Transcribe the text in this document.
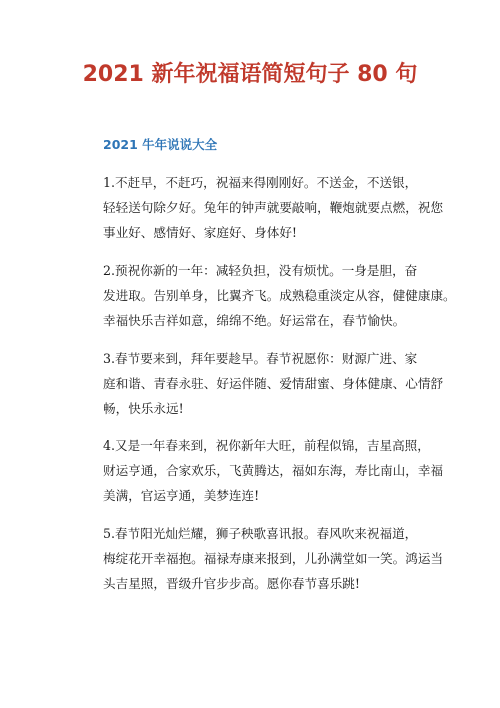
2021 新年祝福语简短句子 80 句
2021 牛年说说大全

1.不赶早，不赶巧，祝福来得刚刚好。不送金，不送银，
轻轻送句除夕好。兔年的钟声就要敲响，鞭炮就要点燃，祝您
事业好、感情好、家庭好、身体好!

2.预祝你新的一年：减轻负担，没有烦忧。一身是胆，奋
发进取。告别单身，比翼齐飞。成熟稳重淡定从容，健健康康。
幸福快乐吉祥如意，绵绵不绝。好运常在，春节愉快。

3.春节要来到，拜年要趁早。春节祝愿你：财源广进、家
庭和谐、青春永驻、好运伴随、爱情甜蜜、身体健康、心情舒
畅，快乐永远!

4.又是一年春来到，祝你新年大旺，前程似锦，吉星高照，
财运亨通，合家欢乐，飞黄腾达，福如东海，寿比南山，幸福
美满，官运亨通，美梦连连!

5.春节阳光灿烂耀，狮子秧歌喜讯报。春风吹来祝福道，
梅绽花开幸福抱。福禄寿康来报到，儿孙满堂如一笑。鸿运当
头吉星照，晋级升官步步高。愿你春节喜乐跳!
